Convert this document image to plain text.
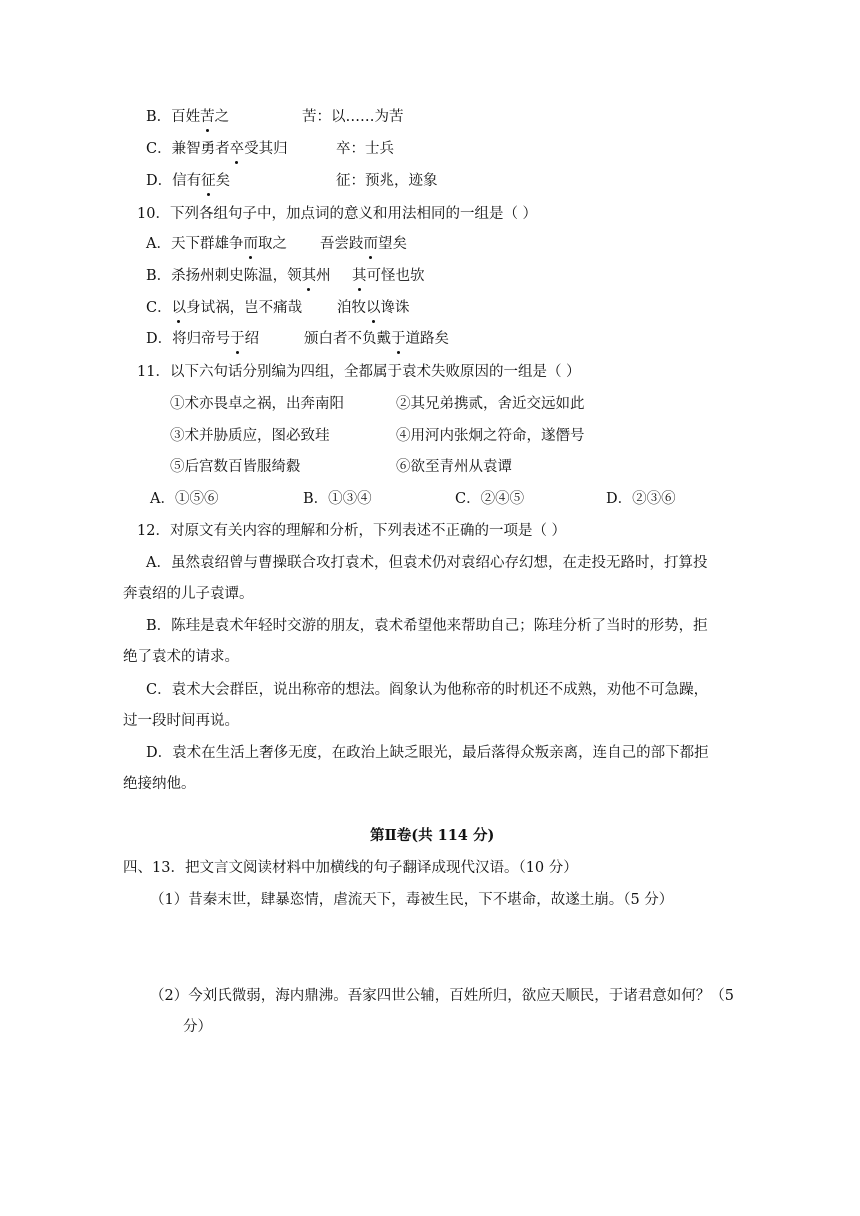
B．百姓苦之	苦：以……为苦
C．兼智勇者卒受其归	卒：士兵
D．信有征矣	征：预兆，迹象
10．下列各组句子中，加点词的意义和用法相同的一组是（ ）
A．天下群雄争而取之 吾尝跂而望矣
B．杀扬州刺史陈温，领其州 其可怪也欤
C．以身试祸，岂不痛哉 洎牧以谗诛
D．将归帝号于绍	颁白者不负戴于道路矣
11．以下六句话分别编为四组，全都属于袁术失败原因的一组是（ ）
①术亦畏卓之祸，出奔南阳	②其兄弟携贰，舍近交远如此
③术并胁质应，图必致珪	④用河内张炯之符命，遂僭号
⑤后宫数百皆服绮縠	⑥欲至青州从袁谭
A．①⑤⑥	B．①③④	C．②④⑤	D．②③⑥
12．对原文有关内容的理解和分析，下列表述不正确的一项是（ ）
A．虽然袁绍曾与曹操联合攻打袁术，但袁术仍对袁绍心存幻想，在走投无路时，打算投
奔袁绍的儿子袁谭。
B．陈珪是袁术年轻时交游的朋友，袁术希望他来帮助自己；陈珪分析了当时的形势，拒
绝了袁术的请求。
C．袁术大会群臣，说出称帝的想法。阎象认为他称帝的时机还不成熟，劝他不可急躁，
过一段时间再说。
D．袁术在生活上奢侈无度，在政治上缺乏眼光，最后落得众叛亲离，连自己的部下都拒
绝接纳他。
第Ⅱ卷(共 114 分)
四、13．把文言文阅读材料中加横线的句子翻译成现代汉语。（10 分）
（1）昔秦末世，肆暴恣情，虐流天下，毒被生民，下不堪命，故遂土崩。（5 分）
（2）今刘氏微弱，海内鼎沸。吾家四世公辅，百姓所归，欲应天顺民，于诸君意如何？（5
分）
